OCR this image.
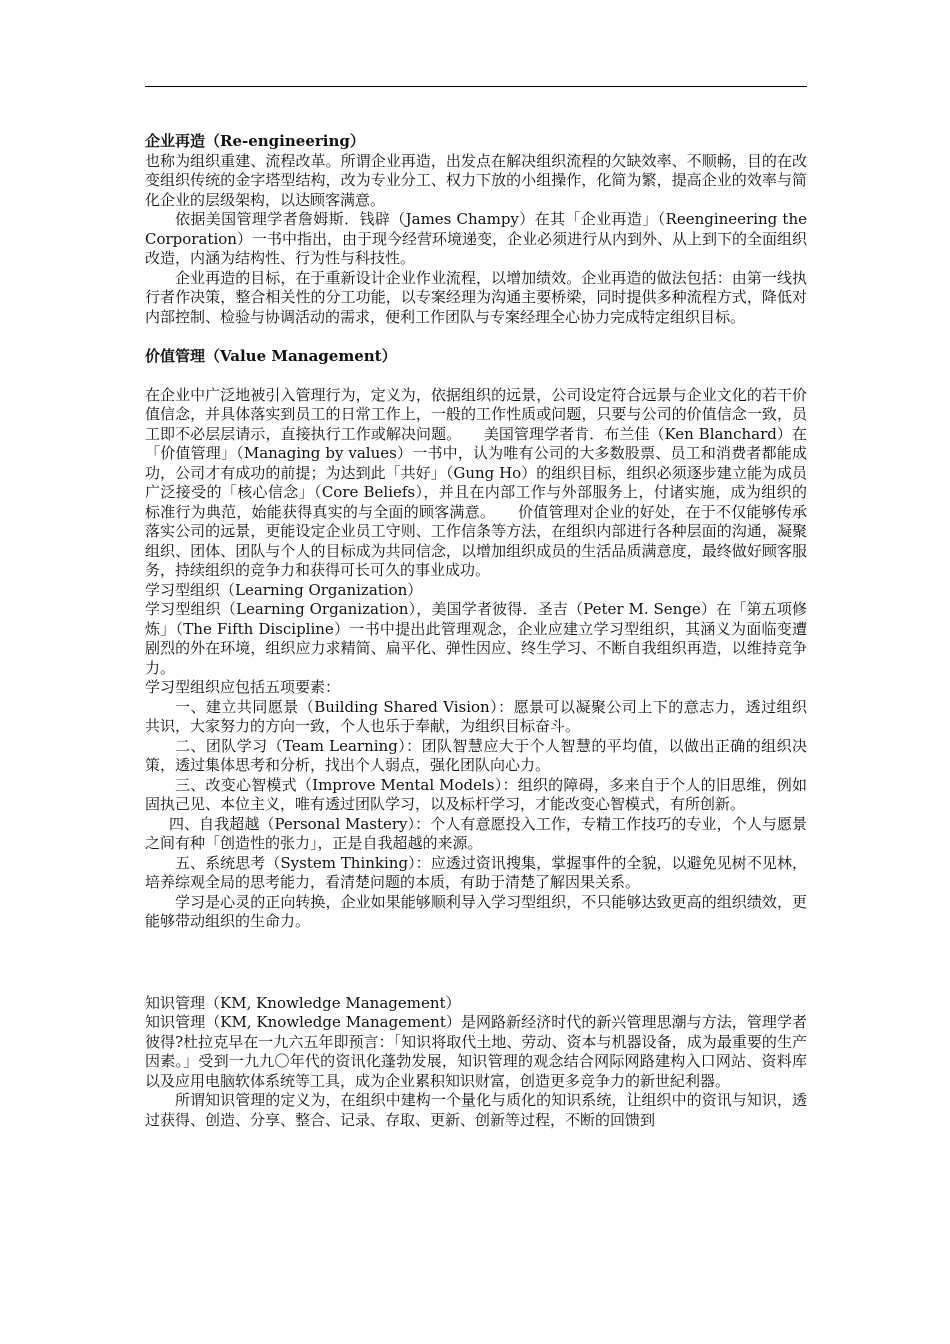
企业再造（Re-engineering）

也称为组织重建、流程改革。所谓企业再造，出发点在解决组织流程的欠缺效率、不顺畅，目的在改变组织传统的金字塔型结构，改为专业分工、权力下放的小组操作，化简为繁，提高企业的效率与简化企业的层级架构，以达顾客满意。

依据美国管理学者詹姆斯．钱辟（James Champy）在其「企业再造」（Reengineering the Corporation）一书中指出，由于现今经营环境递变，企业必须进行从内到外、从上到下的全面组织改造，内涵为结构性、行为性与科技性。

企业再造的目标，在于重新设计企业作业流程，以增加绩效。企业再造的做法包括：由第一线执行者作决策，整合相关性的分工功能，以专案经理为沟通主要桥梁，同时提供多种流程方式，降低对内部控制、检验与协调活动的需求，便利工作团队与专案经理全心协力完成特定组织目标。

价值管理（Value Management）

在企业中广泛地被引入管理行为，定义为，依据组织的远景，公司设定符合远景与企业文化的若干价值信念，并具体落实到员工的日常工作上，一般的工作性质或问题，只要与公司的价值信念一致，员工即不必层层请示，直接执行工作或解决问题。　　美国管理学者肯．布兰佳（Ken Blanchard）在「价值管理」（Managing by values）一书中，认为唯有公司的大多数股票、员工和消费者都能成功，公司才有成功的前提；为达到此「共好」（Gung Ho）的组织目标，组织必须逐步建立能为成员广泛接受的「核心信念」（Core Beliefs），并且在内部工作与外部服务上，付诸实施，成为组织的标准行为典范，始能获得真实的与全面的顾客满意。　　价值管理对企业的好处，在于不仅能够传承落实公司的远景，更能设定企业员工守则、工作信条等方法，在组织内部进行各种层面的沟通，凝聚组织、团体、团队与个人的目标成为共同信念，以增加组织成员的生活品质满意度，最终做好顾客服务，持续组织的竞争力和获得可长可久的事业成功。

学习型组织（Learning Organization）

学习型组织（Learning Organization），美国学者彼得．圣吉（Peter M. Senge）在「第五项修炼」（The Fifth Discipline）一书中提出此管理观念，企业应建立学习型组织，其涵义为面临变遭剧烈的外在环境，组织应力求精简、扁平化、弹性因应、终生学习、不断自我组织再造，以维持竞争力。

学习型组织应包括五项要素：

一、建立共同愿景（Building Shared Vision）：愿景可以凝聚公司上下的意志力，透过组织共识，大家努力的方向一致，个人也乐于奉献，为组织目标奋斗。

二、团队学习（Team Learning）：团队智慧应大于个人智慧的平均值，以做出正确的组织决策，透过集体思考和分析，找出个人弱点，强化团队向心力。

三、改变心智模式（Improve Mental Models）：组织的障碍，多来自于个人的旧思维，例如固执己见、本位主义，唯有透过团队学习，以及标杆学习，才能改变心智模式，有所创新。

四、自我超越（Personal Mastery）：个人有意愿投入工作，专精工作技巧的专业，个人与愿景之间有种「创造性的张力」，正是自我超越的来源。

五、系统思考（System Thinking）：应透过资讯搜集，掌握事件的全貌，以避免见树不见林，培养综观全局的思考能力，看清楚问题的本质，有助于清楚了解因果关系。

学习是心灵的正向转换，企业如果能够顺利导入学习型组织，不只能够达致更高的组织绩效，更能够带动组织的生命力。

知识管理（KM, Knowledge Management）

知识管理（KM, Knowledge Management）是网路新经济时代的新兴管理思潮与方法，管理学者彼得?杜拉克早在一九六五年即预言：「知识将取代土地、劳动、资本与机器设备，成为最重要的生产因素。」受到一九九〇年代的资讯化蓬勃发展，知识管理的观念结合网际网路建构入口网站、资料库以及应用电脑软体系统等工具，成为企业累积知识财富，创造更多竞争力的新世紀利器。

所谓知识管理的定义为，在组织中建构一个量化与质化的知识系统，让组织中的资讯与知识，透过获得、创造、分享、整合、记录、存取、更新、创新等过程，不断的回馈到
